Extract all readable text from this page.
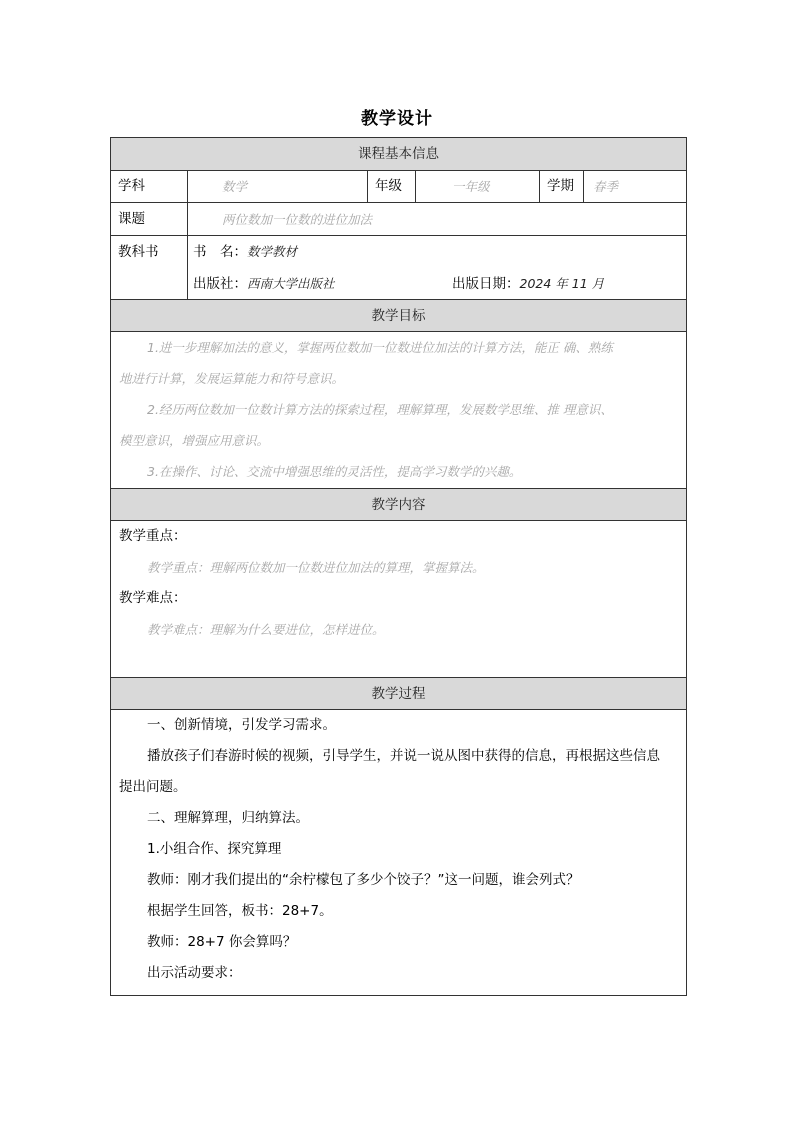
教学设计
课程基本信息
学科	数学	年级	一年级	学期	春季
课题	两位数加一位数的进位加法
教科书	书　名：数学教材
出版社：西南大学出版社	出版日期：2024 年 11 月
教学目标
1.进一步理解加法的意义，掌握两位数加一位数进位加法的计算方法，能正 确、熟练
地进行计算，发展运算能力和符号意识。
2.经历两位数加一位数计算方法的探索过程，理解算理，发展数学思维、推 理意识、
模型意识，增强应用意识。
3.在操作、讨论、交流中增强思维的灵活性，提高学习数学的兴趣。
教学内容
教学重点：
教学重点：理解两位数加一位数进位加法的算理，掌握算法。
教学难点：
教学难点：理解为什么要进位，怎样进位。
教学过程
一、创新情境，引发学习需求。
播放孩子们春游时候的视频，引导学生，并说一说从图中获得的信息，再根据这些信息
提出问题。
二、理解算理，归纳算法。
1.小组合作、探究算理
教师：刚才我们提出的“余柠檬包了多少个饺子？”这一问题，谁会列式？
根据学生回答，板书：28+7。
教师：28+7 你会算吗？
出示活动要求：
